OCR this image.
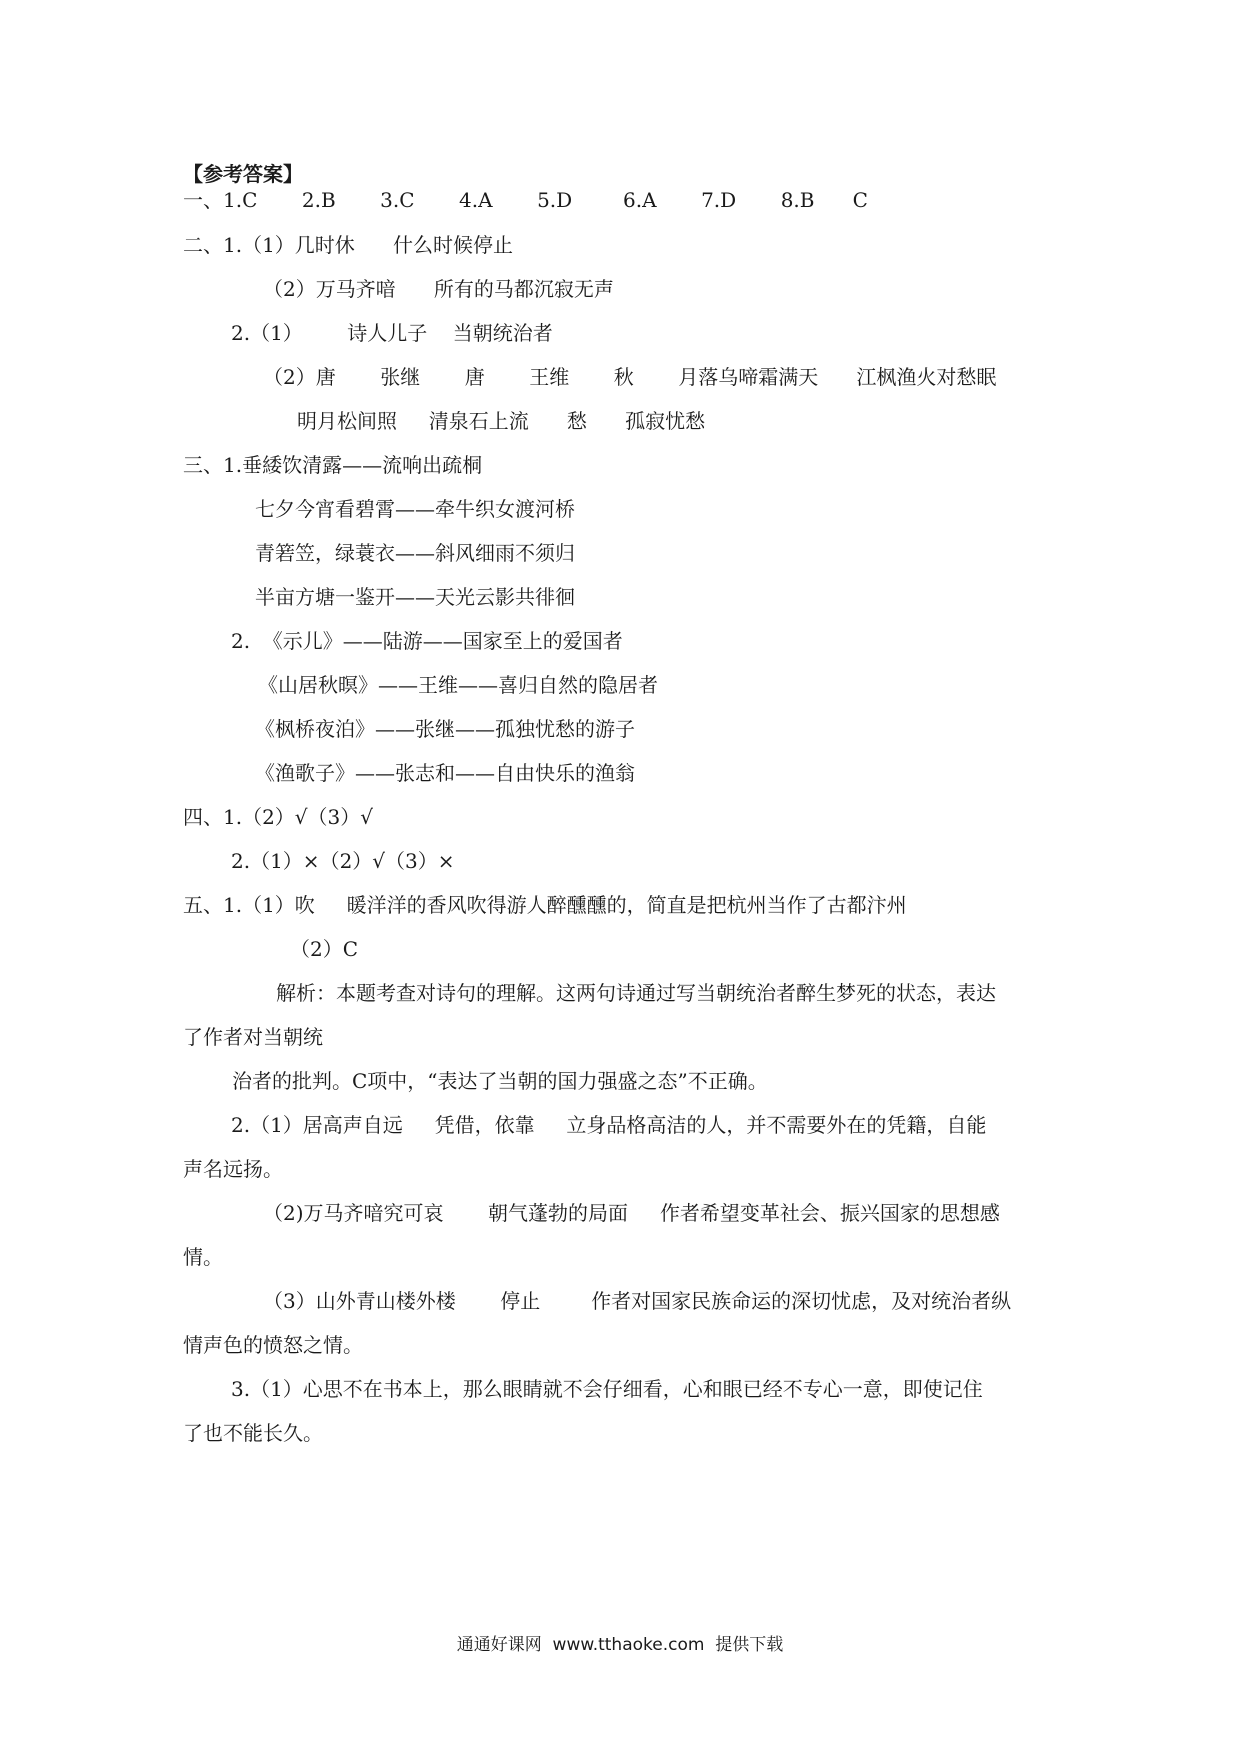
【参考答案】
一、1.C       2.B       3.C       4.A       5.D        6.A       7.D       8.B      C
二、1.（1）几时休      什么时候停止
（2）万马齐喑      所有的马都沉寂无声
2.（1）       诗人儿子    当朝统治者
（2）唐       张继       唐       王维       秋       月落乌啼霜满天      江枫渔火对愁眠
明月松间照     清泉石上流      愁      孤寂忧愁
三、1.垂緌饮清露——流响出疏桐
七夕今宵看碧霄——牵牛织女渡河桥
青箬笠，绿蓑衣——斜风细雨不须归
半亩方塘一鉴开——天光云影共徘徊
2.  《示儿》——陆游——国家至上的爱国者
《山居秋暝》——王维——喜归自然的隐居者
《枫桥夜泊》——张继——孤独忧愁的游子
《渔歌子》——张志和——自由快乐的渔翁
四、1.（2）√（3）√
2.（1）×（2）√（3）×
五、1.（1）吹     暖洋洋的香风吹得游人醉醺醺的，简直是把杭州当作了古都汴州
（2）C
解析：本题考查对诗句的理解。这两句诗通过写当朝统治者醉生梦死的状态，表达
了作者对当朝统
治者的批判。C项中，“表达了当朝的国力强盛之态”不正确。
2.（1）居高声自远     凭借，依靠     立身品格高洁的人，并不需要外在的凭籍，自能
声名远扬。
（2)万马齐喑究可哀       朝气蓬勃的局面     作者希望变革社会、振兴国家的思想感
情。
（3）山外青山楼外楼       停止        作者对国家民族命运的深切忧虑，及对统治者纵
情声色的愤怒之情。
3.（1）心思不在书本上，那么眼睛就不会仔细看，心和眼已经不专心一意，即使记住
了也不能长久。
通通好课网  www.tthaoke.com  提供下载
